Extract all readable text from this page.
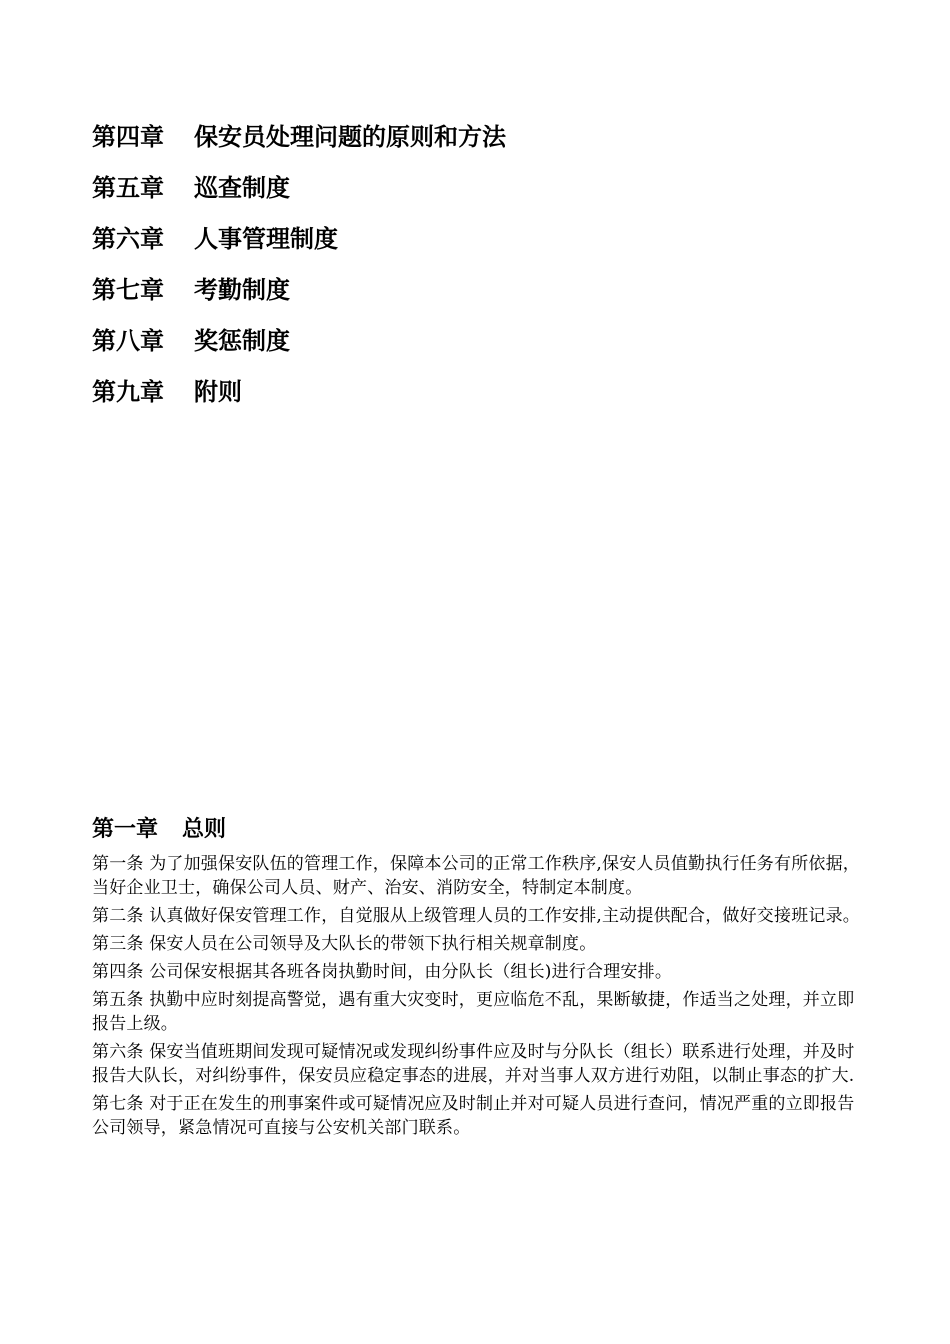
第四章 保安员处理问题的原则和方法
第五章 巡查制度
第六章 人事管理制度
第七章 考勤制度
第八章 奖惩制度
第九章 附则
第一章 总则

第一条 为了加强保安队伍的管理工作，保障本公司的正常工作秩序,保安人员值勤执行任务有所依据，当好企业卫士，确保公司人员、财产、治安、消防安全，特制定本制度。

第二条 认真做好保安管理工作，自觉服从上级管理人员的工作安排,主动提供配合，做好交接班记录。

第三条 保安人员在公司领导及大队长的带领下执行相关规章制度。

第四条 公司保安根据其各班各岗执勤时间，由分队长（组长)进行合理安排。

第五条 执勤中应时刻提高警觉，遇有重大灾变时，更应临危不乱，果断敏捷，作适当之处理，并立即报告上级。

第六条 保安当值班期间发现可疑情况或发现纠纷事件应及时与分队长（组长）联系进行处理，并及时报告大队长，对纠纷事件，保安员应稳定事态的进展，并对当事人双方进行劝阻，以制止事态的扩大.

第七条 对于正在发生的刑事案件或可疑情况应及时制止并对可疑人员进行查问，情况严重的立即报告公司领导，紧急情况可直接与公安机关部门联系。
